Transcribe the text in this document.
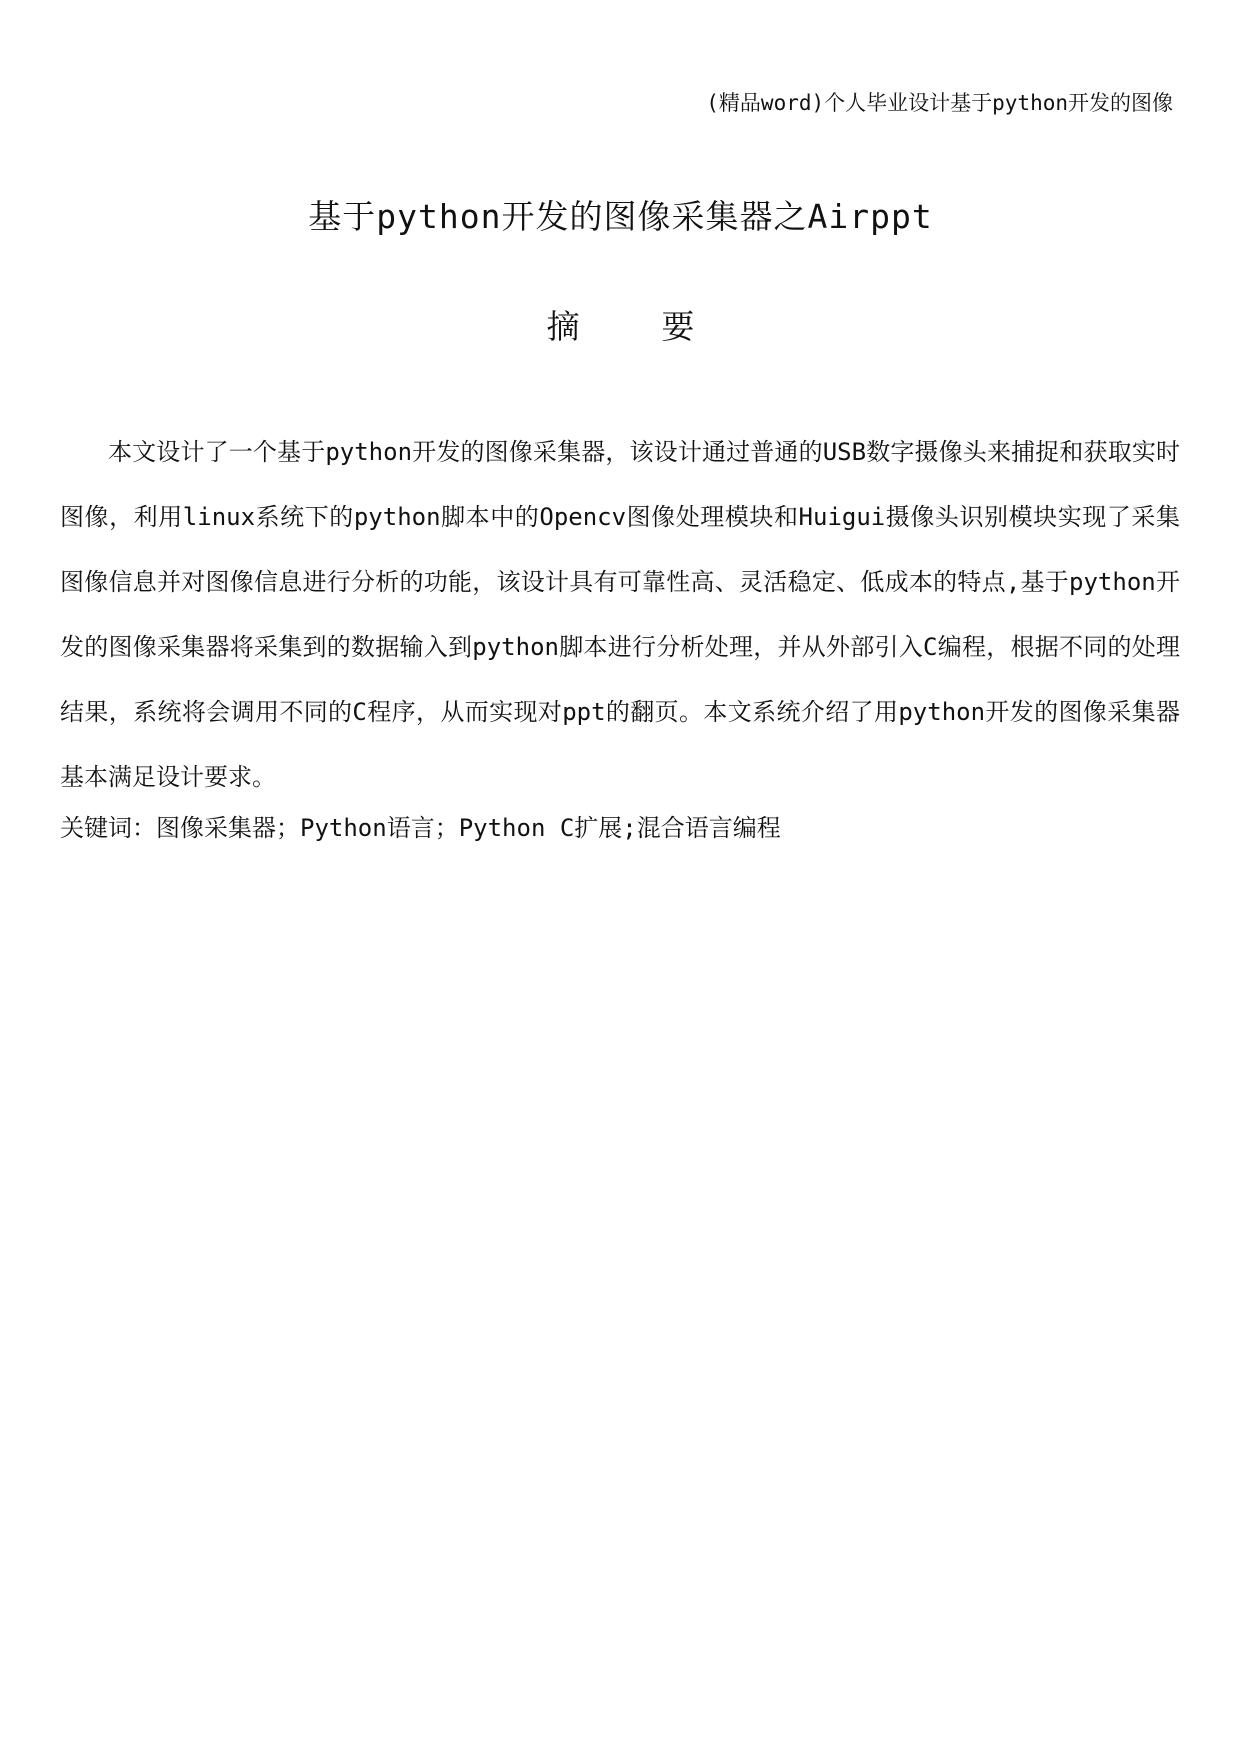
(精品word)个人毕业设计基于python开发的图像
基于python开发的图像采集器之Airppt
摘 要

本文设计了一个基于python开发的图像采集器，该设计通过普通的USB数字摄像头来捕捉和获取实时图像，利用linux系统下的python脚本中的Opencv图像处理模块和Huigui摄像头识别模块实现了采集图像信息并对图像信息进行分析的功能，该设计具有可靠性高、灵活稳定、低成本的特点,基于python开发的图像采集器将采集到的数据输入到python脚本进行分析处理，并从外部引入C编程，根据不同的处理结果，系统将会调用不同的C程序，从而实现对ppt的翻页。本文系统介绍了用python开发的图像采集器基本满足设计要求。

关键词：图像采集器；Python语言；Python C扩展;混合语言编程
